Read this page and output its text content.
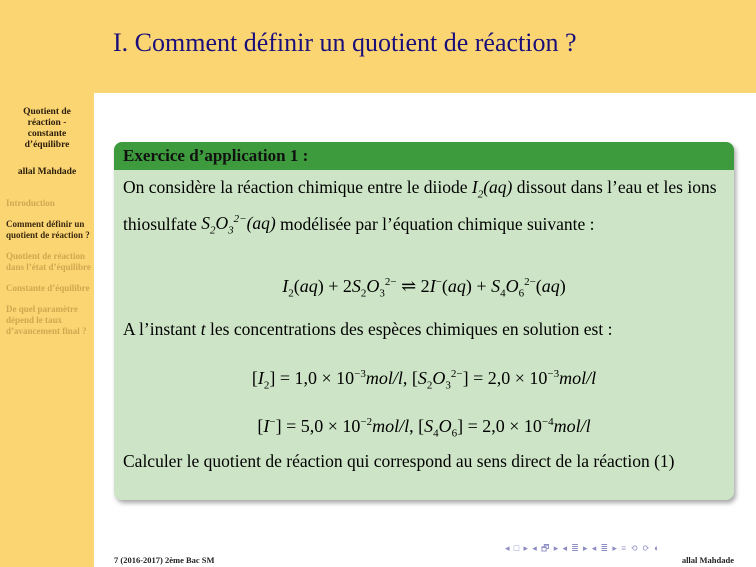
I. Comment définir un quotient de réaction ?
Quotient de
réaction -
constante
d’équilibre
allal Mahdade
Introduction
Comment définir un quotient de réaction ?
Quotient de réaction dans l’état d’équilibre
Constante d’équilibre
De quel paramètre dépend le taux d’avancement final ?
Exercice d’application 1 :
On considère la réaction chimique entre le diiode $I_2(aq)$ dissout dans l’eau et les ions thiosulfate $S_2O_3^{2-}(aq)$ modélisée par l’équation chimique suivante :
$I_2(aq) + 2S_2O_3^{2-}$ ⇌ $2I^-(aq) + S_4O_6^{2-}(aq)$
A l’instant t les concentrations des espèces chimiques en solution est :
$[I_2] = 1,0 \times 10^{-3}mol/l$, $[S_2O_3^{2-}] = 2,0 \times 10^{-3}mol/l$
$[I^-] = 5,0 \times 10^{-2}mol/l$, $[S_4O_6] = 2,0 \times 10^{-4}mol/l$
Calculer le quotient de réaction qui correspond au sens direct de la réaction (1)
◂ □ ▸ ◂ 🗗 ▸ ◂ ≣ ▸ ◂ ≣ ▸ ≡ ⟲ ⟳ ◐
7 (2016-2017) 2ème Bac SM	allal Mahdade
